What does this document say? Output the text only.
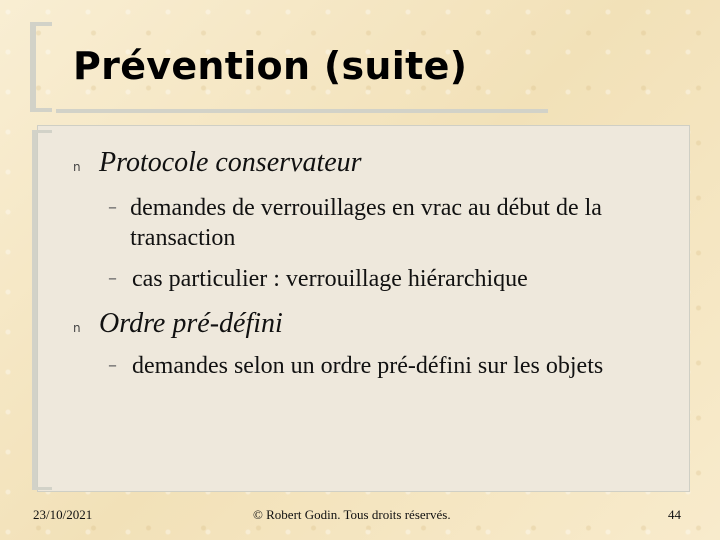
Prévention (suite)
n Protocole conservateur
– demandes de verrouillages en vrac au début de la transaction
– cas particulier : verrouillage hiérarchique
n Ordre pré-défini
– demandes selon un ordre pré-défini sur les objets
23/10/2021	© Robert Godin. Tous droits réservés.	44
